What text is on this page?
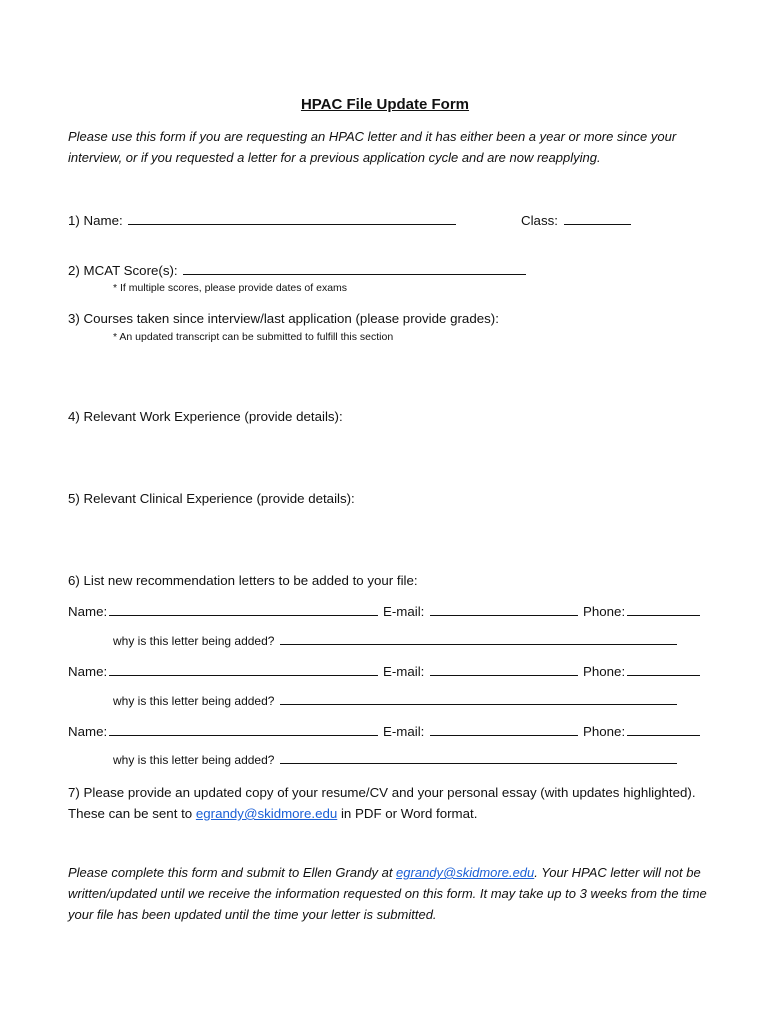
HPAC File Update Form
Please use this form if you are requesting an HPAC letter and it has either been a year or more since your interview, or if you requested a letter for a previous application cycle and are now reapplying.
1) Name:	Class:
2) MCAT Score(s):
* If multiple scores, please provide dates of exams
3) Courses taken since interview/last application (please provide grades):
* An updated transcript can be submitted to fulfill this section
4) Relevant Work Experience (provide details):
5) Relevant Clinical Experience (provide details):
6) List new recommendation letters to be added to your file:
Name:	E-mail:	Phone:
why is this letter being added?
Name:	E-mail:	Phone:
why is this letter being added?
Name:	E-mail:	Phone:
why is this letter being added?
7) Please provide an updated copy of your resume/CV and your personal essay (with updates highlighted). These can be sent to egrandy@skidmore.edu in PDF or Word format.
Please complete this form and submit to Ellen Grandy at egrandy@skidmore.edu. Your HPAC letter will not be written/updated until we receive the information requested on this form. It may take up to 3 weeks from the time your file has been updated until the time your letter is submitted.
